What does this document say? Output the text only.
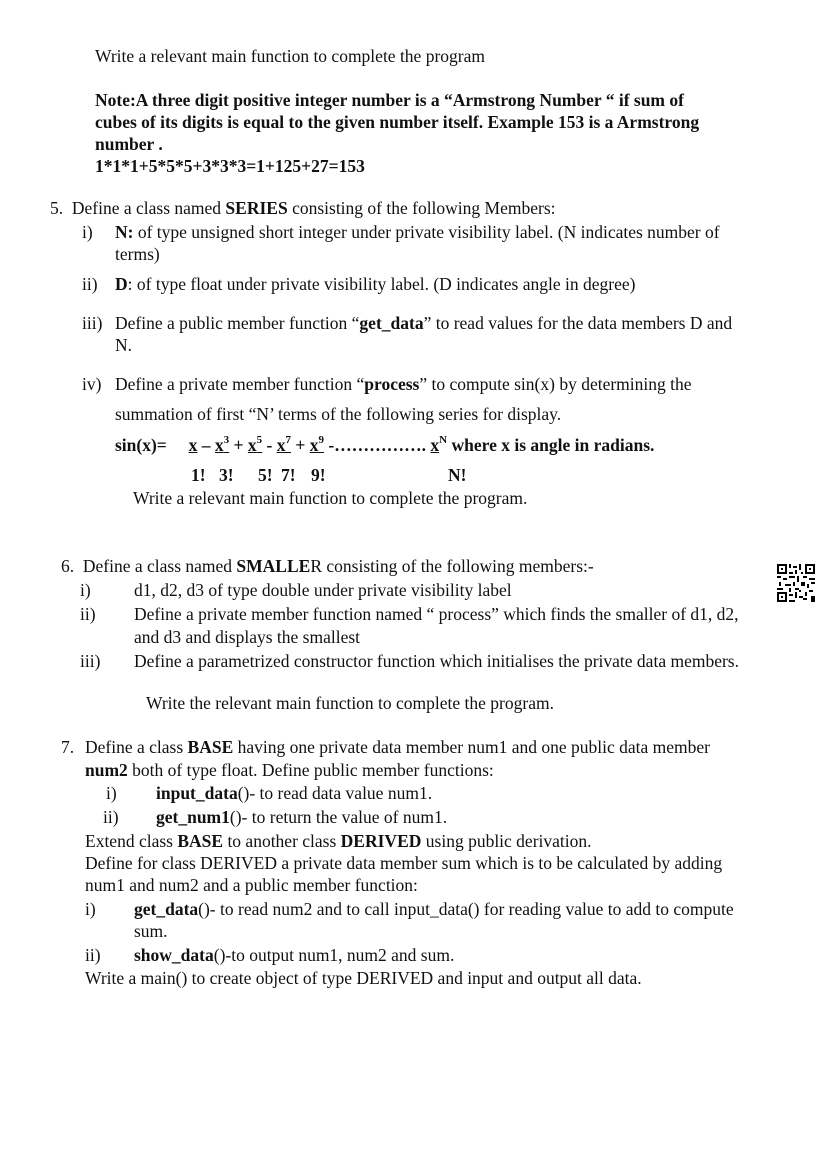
Write a relevant main function to complete the program
Note:A three digit positive integer number is a “Armstrong Number “ if sum of
cubes of its digits is equal to the given number itself. Example 153 is a Armstrong
number .
1*1*1+5*5*5+3*3*3=1+125+27=153
5. Define a class named SERIES consisting of the following Members:
i) N: of type unsigned short integer under private visibility label. (N indicates number of
terms)
ii) D: of type float under private visibility label. (D indicates angle in degree)
iii) Define a public member function “get_data” to read values for the data members D and
N.
iv) Define a private member function “process” to compute sin(x) by determining the
summation of first “N’ terms of the following series for display.
$\sin(x)= x - x^3 + x^5 - x^7 + x^9$ -……………. $x^N$ where x is angle in radians.
1! 3! 5! 7! 9!	N!
Write a relevant main function to complete the program.
6. Define a class named SMALLER consisting of the following members:-
i) d1, d2, d3 of type double under private visibility label
ii) Define a private member function named “ process” which finds the smaller of d1, d2,
and d3 and displays the smallest
iii) Define a parametrized constructor function which initialises the private data members.
Write the relevant main function to complete the program.
7. Define a class BASE having one private data member num1 and one public data member
num2 both of type float. Define public member functions:
i) input_data()- to read data value num1.
ii) get_num1()- to return the value of num1.
Extend class BASE to another class DERIVED using public derivation.
Define for class DERIVED a private data member sum which is to be calculated by adding
num1 and num2 and a public member function:
i) get_data()- to read num2 and to call input_data() for reading value to add to compute
sum.
ii) show_data()-to output num1, num2 and sum.
Write a main() to create object of type DERIVED and input and output all data.
